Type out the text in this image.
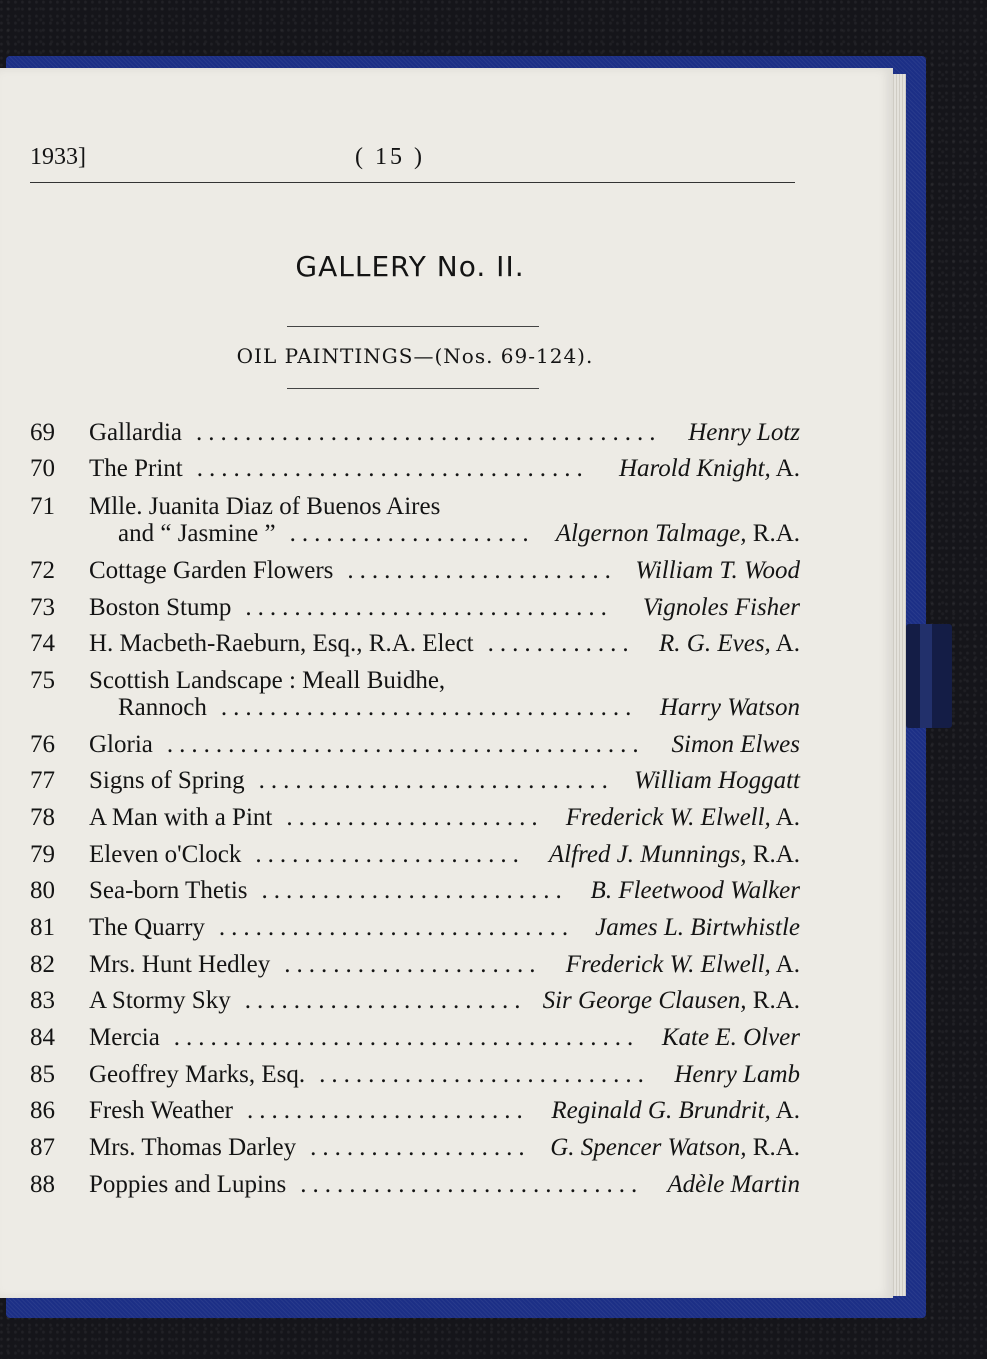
1933]	( 15 )
GALLERY No. II.
OIL PAINTINGS—(Nos. 69-124).
69 Gallardia ...................................... Henry Lotz
70 The Print ................................ Harold Knight, A.
71 Mlle. Juanita Diaz of Buenos Aires
and “ Jasmine ” .................... Algernon Talmage, R.A.
72 Cottage Garden Flowers ...................... William T. Wood
73 Boston Stump .............................. Vignoles Fisher
74 H. Macbeth-Raeburn, Esq., R.A. Elect ............ R. G. Eves, A.
75 Scottish Landscape : Meall Buidhe,
Rannoch .................................. Harry Watson
76 Gloria ....................................... Simon Elwes
77 Signs of Spring ............................. William Hoggatt
78 A Man with a Pint ..................... Frederick W. Elwell, A.
79 Eleven o'Clock ...................... Alfred J. Munnings, R.A.
80 Sea-born Thetis ......................... B. Fleetwood Walker
81 The Quarry ............................. James L. Birtwhistle
82 Mrs. Hunt Hedley ..................... Frederick W. Elwell, A.
83 A Stormy Sky ....................... Sir George Clausen, R.A.
84 Mercia ...................................... Kate E. Olver
85 Geoffrey Marks, Esq. ........................... Henry Lamb
86 Fresh Weather ....................... Reginald G. Brundrit, A.
87 Mrs. Thomas Darley .................. G. Spencer Watson, R.A.
88 Poppies and Lupins ............................ Adèle Martin
